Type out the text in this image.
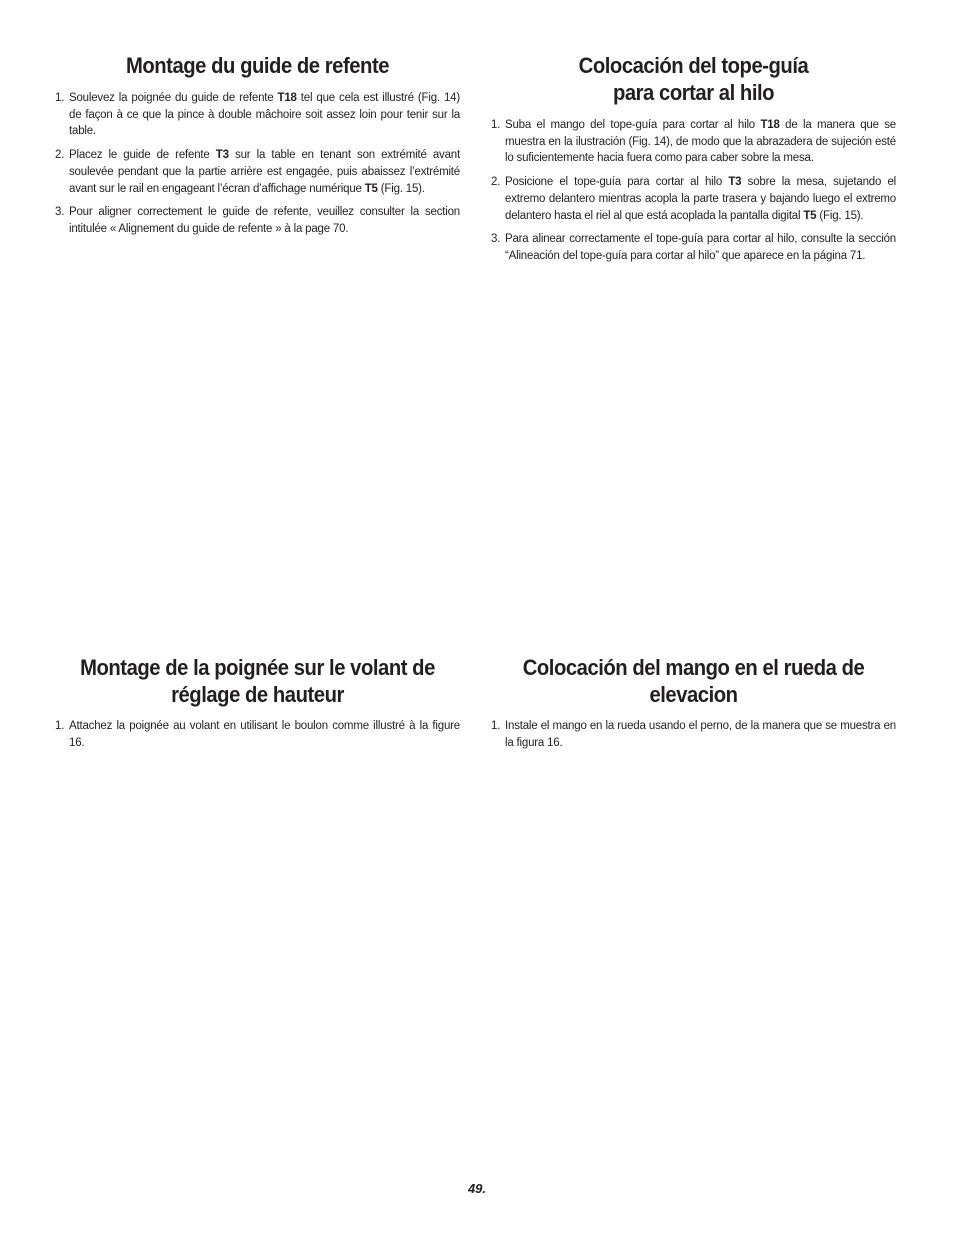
Montage du guide de refente
1. Soulevez la poignée du guide de refente T18 tel que cela est illustré (Fig. 14) de façon à ce que la pince à double mâchoire soit assez loin pour tenir sur la table.
2. Placez le guide de refente T3 sur la table en tenant son extrémité avant soulevée pendant que la partie arrière est engagée, puis abaissez l’extrémité avant sur le rail en engageant l’écran d’affichage numérique T5 (Fig. 15).
3. Pour aligner correctement le guide de refente, veuillez consulter la section intitulée « Alignement du guide de refente » à la page 70.
Colocación del tope-guía
para cortar al hilo
1. Suba el mango del tope-guía para cortar al hilo T18 de la manera que se muestra en la ilustración (Fig. 14), de modo que la abrazadera de sujeción esté lo suficientemente hacia fuera como para caber sobre la mesa.
2. Posicione el tope-guía para cortar al hilo T3 sobre la mesa, sujetando el extremo delantero mientras acopla la parte trasera y bajando luego el extremo delantero hasta el riel al que está acoplada la pantalla digital T5 (Fig. 15).
3. Para alinear correctamente el tope-guía para cortar al hilo, consulte la sección “Alineación del tope-guía para cortar al hilo” que aparece en la página 71.
Montage de la poignée sur le volant de
réglage de hauteur
1. Attachez la poignée au volant en utilisant le boulon comme illustré à la figure 16.
Colocación del mango en el rueda de
elevacion
1. Instale el mango en la rueda usando el perno, de la manera que se muestra en la figura 16.
49.
